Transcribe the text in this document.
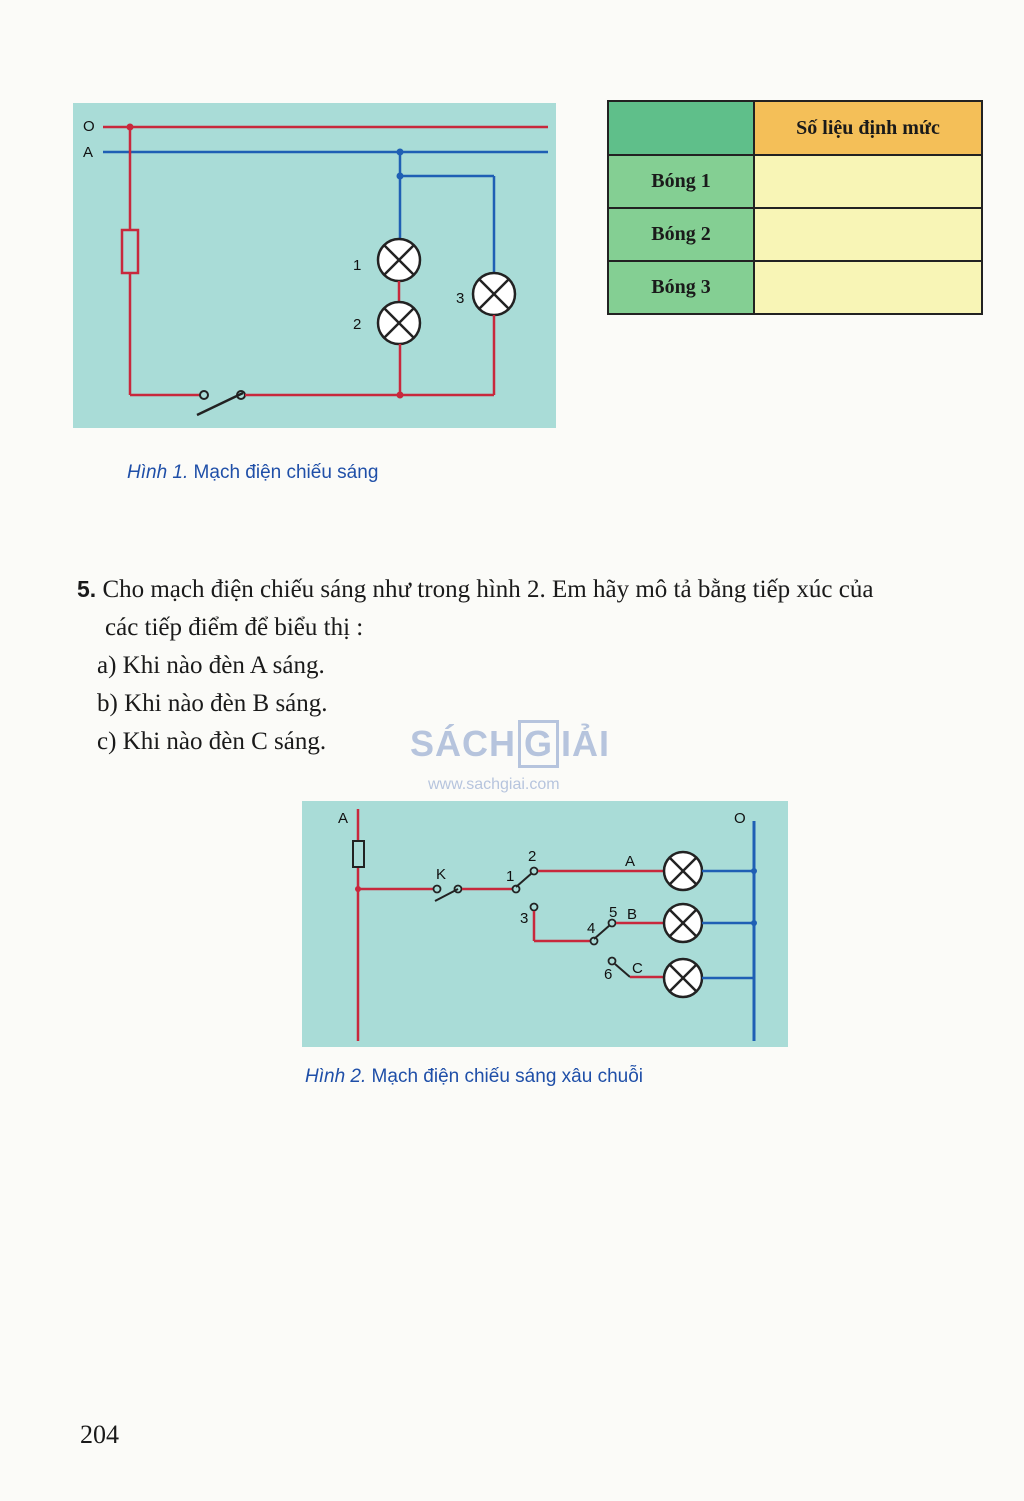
O
A
1
2
3
Hình 1. Mạch điện chiếu sáng
	Số liệu định mức
Bóng 1	
Bóng 2	
Bóng 3	
5. Cho mạch điện chiếu sáng như trong hình 2. Em hãy mô tả bằng tiếp xúc của
các tiếp điểm để biểu thị :
a) Khi nào đèn A sáng.
b) Khi nào đèn B sáng.
c) Khi nào đèn C sáng.	SÁCH G IẢI
www.sachgiai.com
A	O
K	1
2
3
4
5
6
A
B
C
Hình 2. Mạch điện chiếu sáng xâu chuỗi
204
